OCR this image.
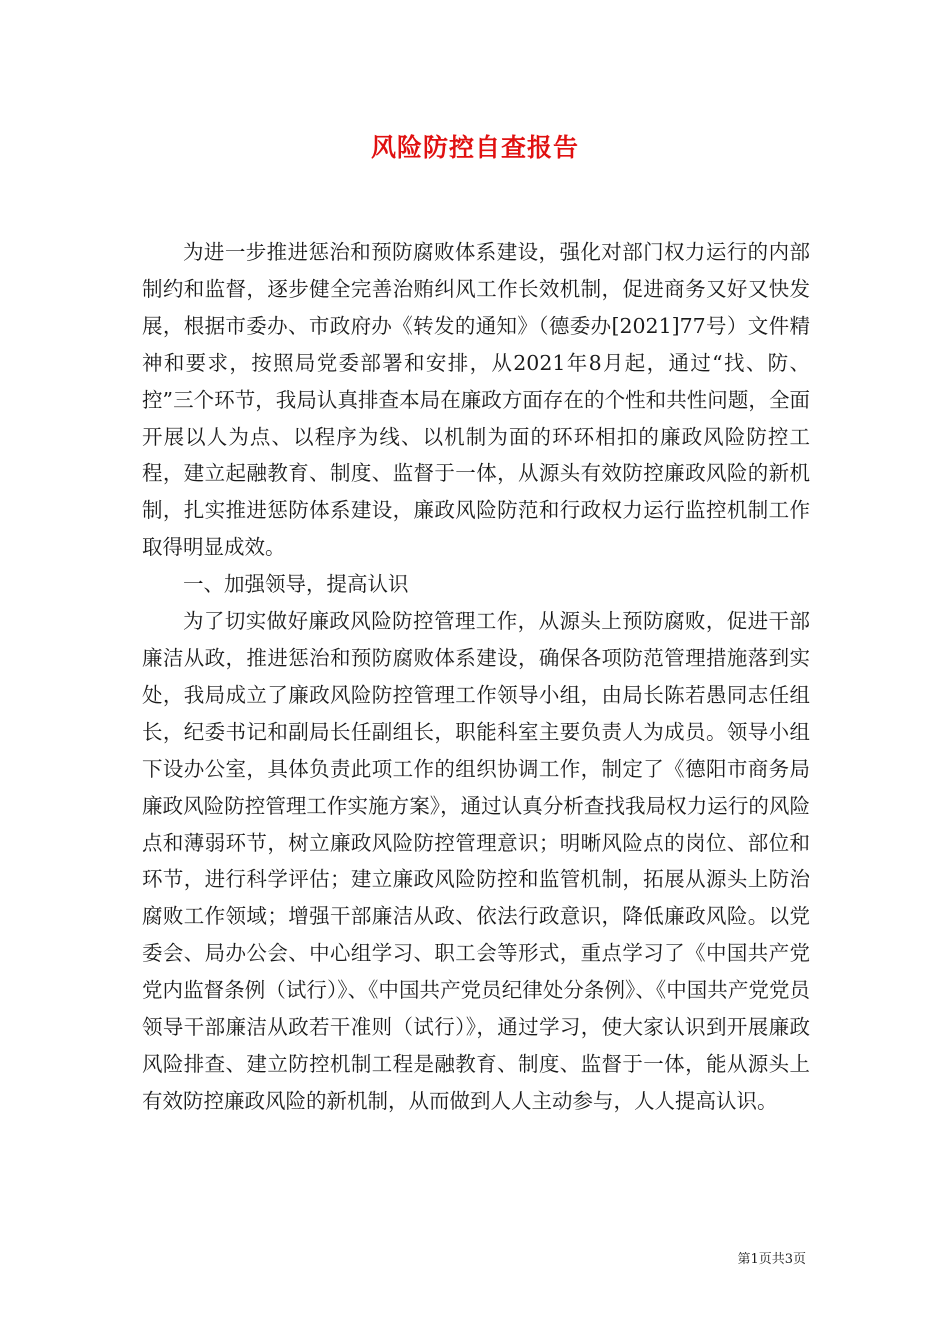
风险防控自查报告

为进一步推进惩治和预防腐败体系建设，强化对部门权力运行的内部制约和监督，逐步健全完善治贿纠风工作长效机制，促进商务又好又快发展，根据市委办、市政府办《转发的通知》（德委办[2021]77号）文件精神和要求，按照局党委部署和安排，从2021年8月起，通过“找、防、控”三个环节，我局认真排查本局在廉政方面存在的个性和共性问题，全面开展以人为点、以程序为线、以机制为面的环环相扣的廉政风险防控工程，建立起融教育、制度、监督于一体，从源头有效防控廉政风险的新机制，扎实推进惩防体系建设，廉政风险防范和行政权力运行监控机制工作取得明显成效。

一、加强领导，提高认识

为了切实做好廉政风险防控管理工作，从源头上预防腐败，促进干部廉洁从政，推进惩治和预防腐败体系建设，确保各项防范管理措施落到实处，我局成立了廉政风险防控管理工作领导小组，由局长陈若愚同志任组长，纪委书记和副局长任副组长，职能科室主要负责人为成员。领导小组下设办公室，具体负责此项工作的组织协调工作，制定了《德阳市商务局廉政风险防控管理工作实施方案》，通过认真分析查找我局权力运行的风险点和薄弱环节，树立廉政风险防控管理意识；明晰风险点的岗位、部位和环节，进行科学评估；建立廉政风险防控和监管机制，拓展从源头上防治腐败工作领域；增强干部廉洁从政、依法行政意识，降低廉政风险。以党委会、局办公会、中心组学习、职工会等形式，重点学习了《中国共产党党内监督条例（试行）》、《中国共产党员纪律处分条例》、《中国共产党党员领导干部廉洁从政若干准则（试行）》，通过学习，使大家认识到开展廉政风险排查、建立防控机制工程是融教育、制度、监督于一体，能从源头上有效防控廉政风险的新机制，从而做到人人主动参与，人人提高认识。

第1页共3页
